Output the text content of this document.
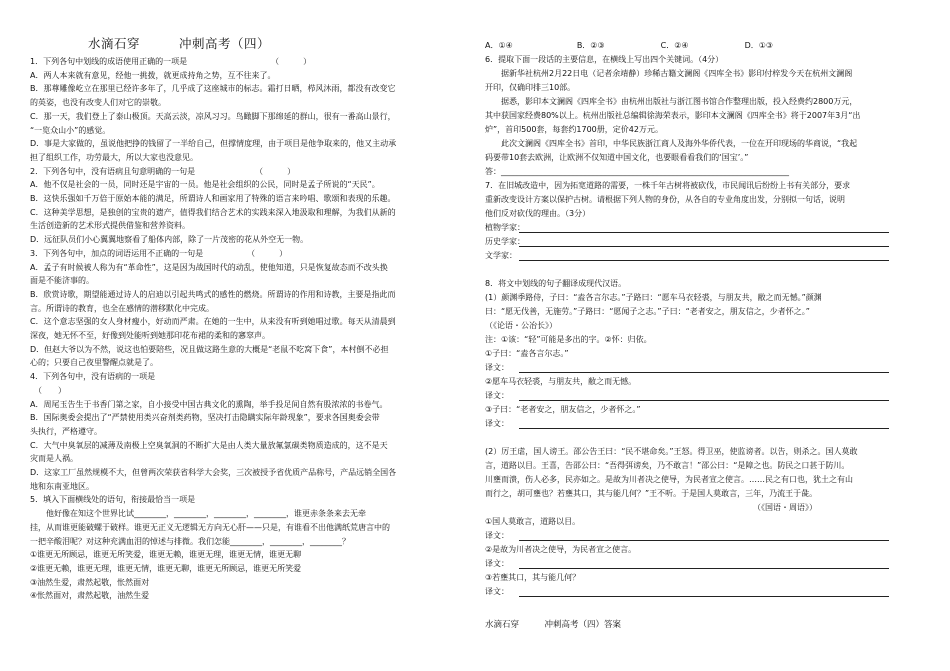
水滴石穿　　　冲刺高考（四）
1．下列各句中划线的成语使用正确的一项是　　　　　　　　　　　（　　　）
A．两人本来就有意见，经他一挑拨，就更成持角之势，互不往来了。
B．那尊雕像屹立在那里已经许多年了，几乎成了这座城市的标志。霜打日晒，栉风沐雨，都没有改变它
的英姿，也没有改变人们对它的崇敬。
C．那一天，我们登上了泰山极顶。天高云淡，凉风习习。鸟瞰脚下那绵延的群山，很有一番高山景行，
“一览众山小”的感觉。
D．事是大家做的，虽说他把挣的钱留了一半给自己，但撑情度理，由于项目是他争取来的，他又主动承
担了组织工作，功劳最大，所以大家也没意见。
2．下列各句中，没有语病且句意明确的一句是　　　　　　　　（　　　）
A．他不仅是社会的一员，同时还是宇宙的一员。他是社会组织的公民，同时是孟子所说的“天民”。
B．这快乐强如千万倍于原始本能的满足，所谓诗人和画家用了特殊的语言来吟唱、歌颂和表现的乐趣。
C．这种美学思想，是独创的宝贵的遗产，值得我们结合艺术的实践来深入地汲取和理解，为我们从新的
生活创造新的艺术形式提供借鉴和营养资料。
D．远征队员们小心翼翼地察看了船体内部，除了一片茂密的花从外空无一物。
3．下列各句中，加点的词语运用不正确的一句是　　　　　　（　　　）
A．孟子有时候被人称为有“革命性”，这是因为战国时代的动乱，使他知道，只是恢复故态而不改头换
面是不能济事的。
B．欣赏诗歌，期望能通过诗人的启迪以引起共鸣式的感性的燃烧。所谓诗的作用和诗教，主要是指此而
言。所谓诗的教育，也全在感情的潜移默化中完成。
C．这个意志坚强的女人身材瘦小，好动而严肃。在她的一生中，从来没有听到她唱过歌。每天从清晨到
深夜，她无怀不至，好像到处能听到她那印花布裙的柔和的窸窣声。
D．但赵大爷以为不然，说这也怕要陪些，况且做这路生意的大概是“老鼠不吃窝下食”，本村倒不必担
心的；只要自己夜里警醒点就是了。
4．下列各句中，没有语病的一项是
　（　　）
A．周尾玉告生于书香门第之家，自小接受中国古典文化的熏陶，举手投足间自然有股浓浓的书卷气。
B．国际奥委会提出了“严禁使用类兴奋剂类药物，坚决打击隐瞒实际年龄现象”，要求各国奥委会带
头执行，严格遵守。
C．大气中臭氧层的减薄及南极上空臭氧洞的不断扩大是由人类大量放氟氯碳类物质造成的，这不是天
灾而是人祸。
D．这家工厂虽然规模不大，但曾两次荣获省科学大会奖，三次被授予省优质产品称号，产品远销全国各
地和东南亚地区。
5．填入下面横线处的语句，衔接最恰当一项是
　　他好像在知这个世界比试________，________，________，________，谁更赤条条来去无牵
挂，从而谁更能破螺于破样。谁更无正义无逻辑无方向无心肝——只是，有谁看不出他满纸荒唐言中的
一把辛酸泪呢？对这种充满血泪的悼述与排微。我们怎能________，________，________？
①谁更无所顾忌，谁更无所笑爱，谁更无赖，谁更无理，谁更无情，谁更无聊
②谁更无赖，谁更无理，谁更无情，谁更无聊，谁更无所顾忌，谁更无所笑爱
③油然生爱，肃然起敬，怅然面对
④怅然面对，肃然起敬，油然生爱
A．①④　　　　　　　　B．②③　　　　　　　C．②④　　　　　　　D．①③
6．提取下面一段话的主要信息，在横线上写出四个关键词。（4分）
　　据新华社杭州2月22日电（记者余靖静）珍稀古籍文澜阁《四库全书》影印付梓发今天在杭州文澜阁
开印，仅确印排三10部。
　　据悉，影印本文澜阁《四库全书》由杭州出版社与浙江图书馆合作整理出版，投入经费约2800万元，
其中获国家经费80%以上。杭州出版社总编辑徐海荣表示，影印本文澜阁《四库全书》将于2007年3月“出
炉”，首印500套，每套约1700册，定价42万元。
　　此次文澜阁《四库全书》首印，中华民族浙江商人及海外华侨代表，一位在开印现场的华商说，“我起
码要带10套去欧洲，让欧洲不仅知道中国文化，也要眼看看我们的‘国宝’。”
答：________________________________________________________________________
7．在旧城改造中，因为拓宽道路的需要，一株千年古树将被砍伐，市民闻讯后纷纷上书有关部分，要求
重新改变设计方案以保护古树。请根据下列人物的身份，从各自的专业角度出发，分别拟一句话，说明
他们反对砍伐的理由。（3分）
植物学家：
历史学家：
文学家：
8．将文中划线的句子翻译成现代汉语。
(1）颜渊季路侍，子曰：“盍各言尔志。”子路曰：“愿车马衣轻裘，与朋友共，敝之而无憾。”颜渊
曰：“愿无伐善，无施劳。”子路曰：“愿闻子之志。”子曰：“老者安之，朋友信之，少者怀之。”
（《论语・公冶长》）
注：①该：“轻”可能是多出的字。②怀：归依。
①子曰：“盍各言尔志。”
译文：
②愿车马衣轻裘，与朋友共，敝之而无憾。
译文：
③子曰：“老者安之，朋友信之，少者怀之。”
译文：
(2）厉王虐，国人谤王。邵公告王曰：“民不堪命矣。”王怒。得卫巫，使监谤者。以告，则杀之。国人莫敢
言，道路以目。王喜，告邵公曰：“吾得弭谤矣，乃不敢言！”邵公曰：“是障之也。防民之口甚于防川。
川壅而溃，伤人必多，民亦如之。是故为川者决之使导，为民者宣之使言。……民之有口也，犹土之有山
而行之，胡可壅也？若壅其口，其与能几何？”王不听。于是国人莫敢言，三年，乃流王于彘。
　　　　　　　　　　　　　　　　　　　　　　　　　　　　　　　　　　（《国语・周语》）
①国人莫敢言，道路以目。
译文：
②是故为川者决之使导，为民者宣之使言。
译文：
③若壅其口，其与能几何？
译文：
水滴石穿　　　冲刺高考（四）答案
